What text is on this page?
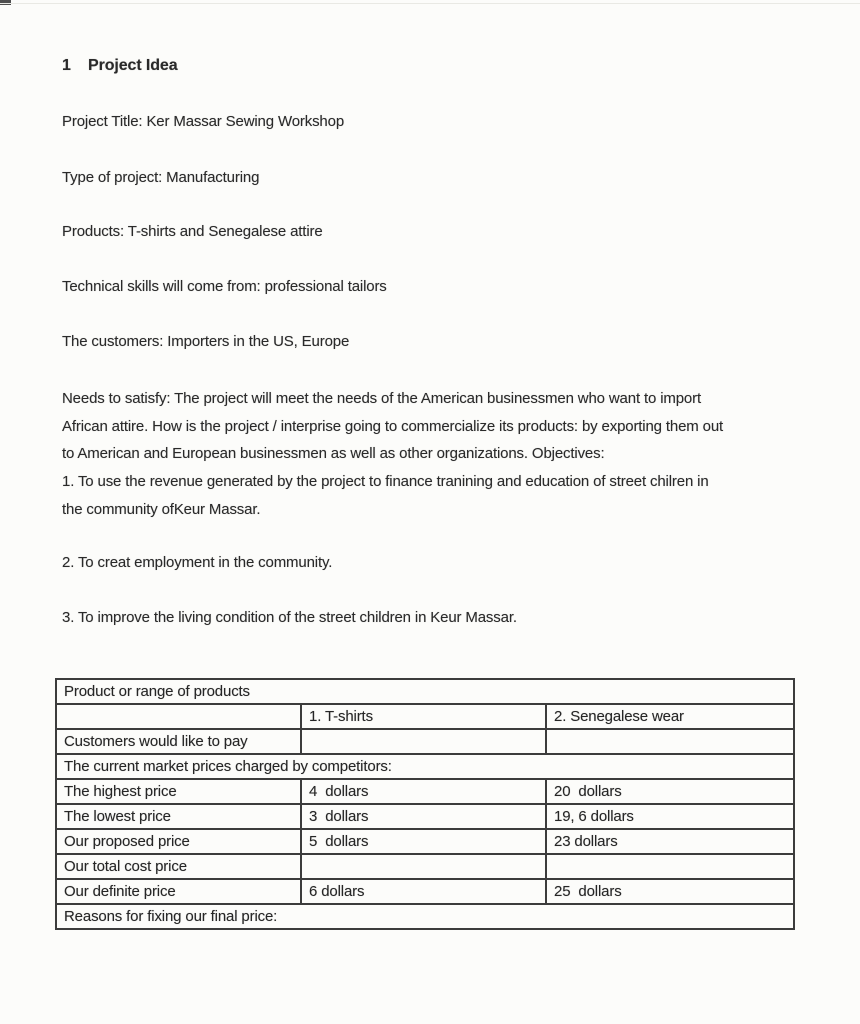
1 Project Idea
Project Title: Ker Massar Sewing Workshop
Type of project: Manufacturing
Products: T-shirts and Senegalese attire
Technical skills will come from: professional tailors
The customers: Importers in the US, Europe
Needs to satisfy: The project will meet the needs of the American businessmen who want to import
African attire. How is the project / interprise going to commercialize its products: by exporting them out
to American and European businessmen as well as other organizations. Objectives:
1. To use the revenue generated by the project to finance tranining and education of street chilren in
the community ofKeur Massar.
2. To creat employment in the community.
3. To improve the living condition of the street children in Keur Massar.
Product or range of products		
	1. T-shirts	2. Senegalese wear
Customers would like to pay		
The current market prices charged by competitors:		
The highest price	4  dollars	20  dollars
The lowest price	3  dollars	19, 6 dollars
Our proposed price	5  dollars	23 dollars
Our total cost price		
Our definite price	6 dollars	25  dollars
Reasons for fixing our final price:		
